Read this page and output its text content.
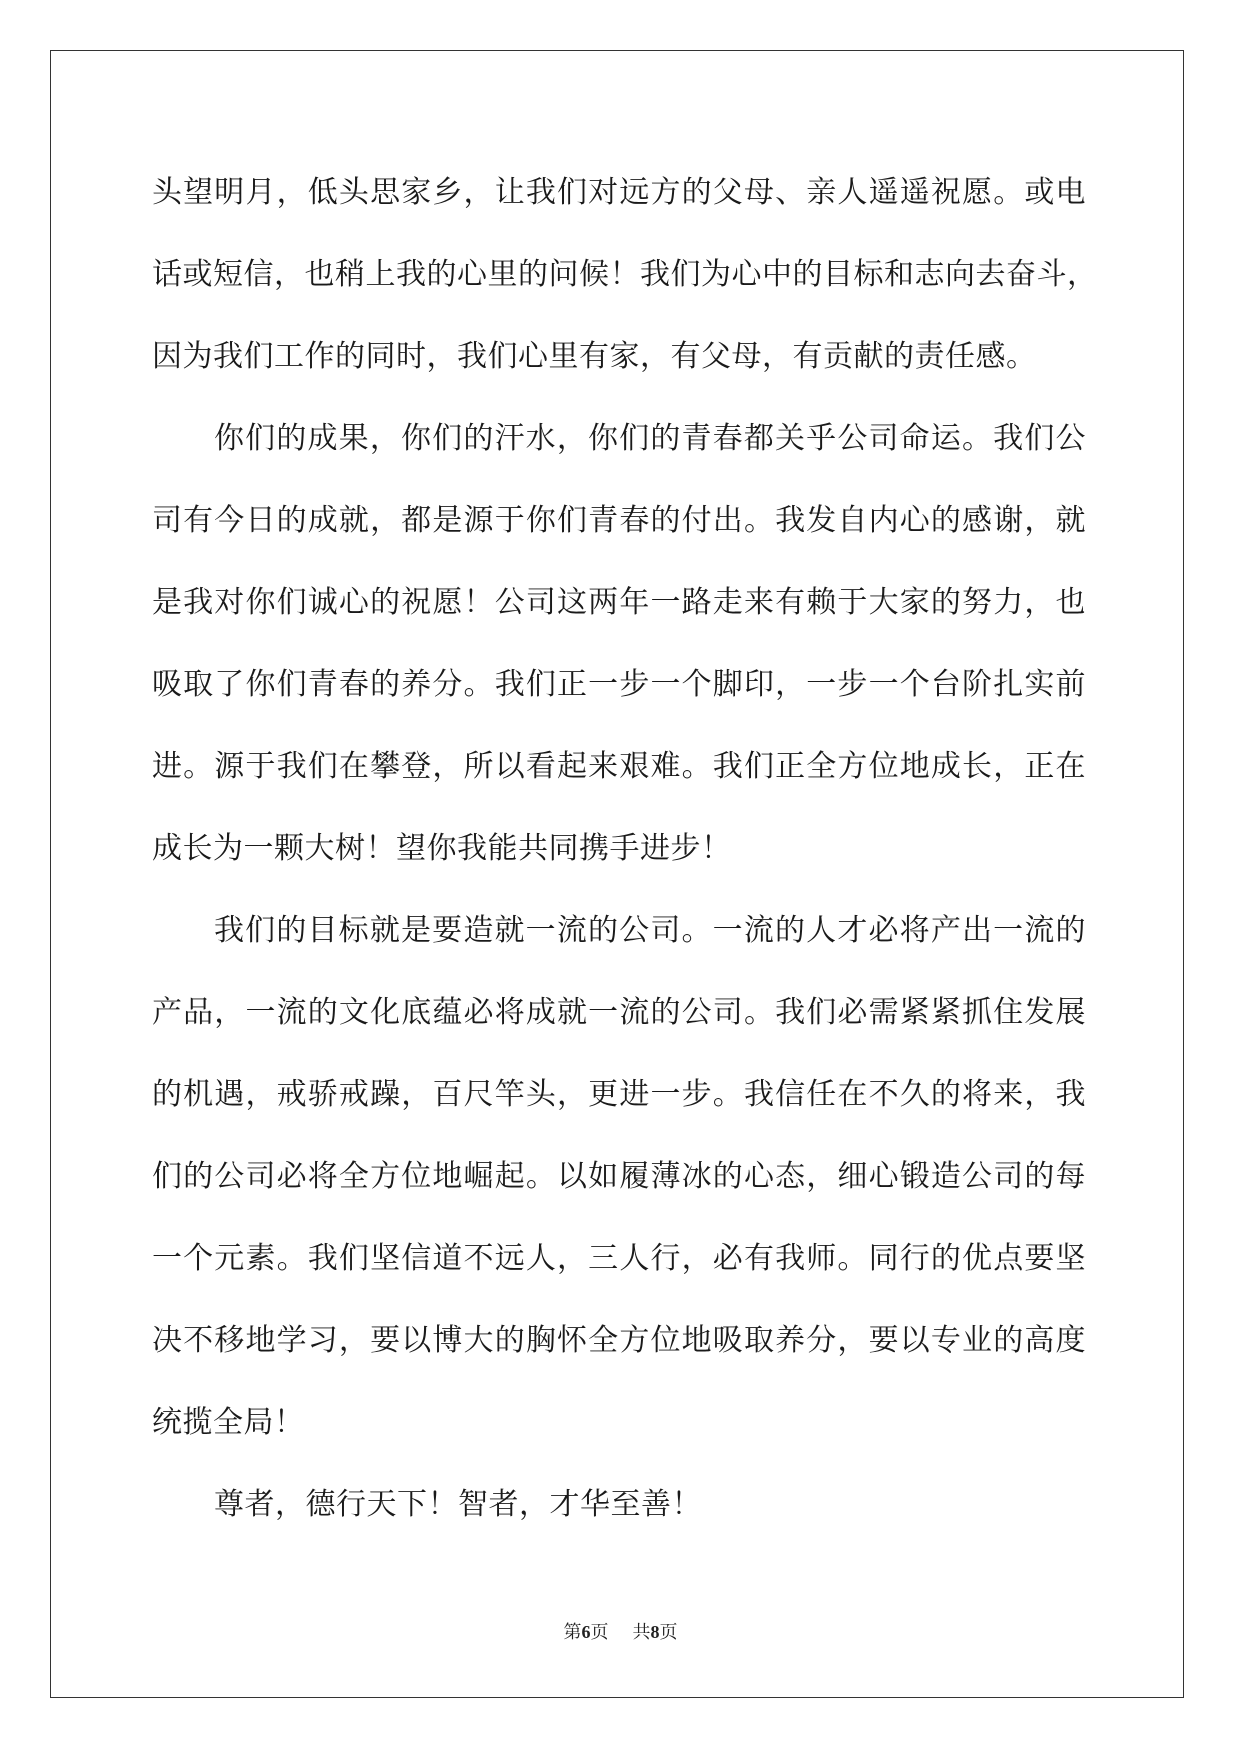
头望明月，低头思家乡，让我们对远方的父母、亲人遥遥祝愿。或电
话或短信，也稍上我的心里的问候！我们为心中的目标和志向去奋斗，
因为我们工作的同时，我们心里有家，有父母，有贡献的责任感。
你们的成果，你们的汗水，你们的青春都关乎公司命运。我们公
司有今日的成就，都是源于你们青春的付出。我发自内心的感谢，就
是我对你们诚心的祝愿！公司这两年一路走来有赖于大家的努力，也
吸取了你们青春的养分。我们正一步一个脚印，一步一个台阶扎实前
进。源于我们在攀登，所以看起来艰难。我们正全方位地成长，正在
成长为一颗大树！望你我能共同携手进步！
我们的目标就是要造就一流的公司。一流的人才必将产出一流的
产品，一流的文化底蕴必将成就一流的公司。我们必需紧紧抓住发展
的机遇，戒骄戒躁，百尺竿头，更进一步。我信任在不久的将来，我
们的公司必将全方位地崛起。以如履薄冰的心态，细心锻造公司的每
一个元素。我们坚信道不远人，三人行，必有我师。同行的优点要坚
决不移地学习，要以博大的胸怀全方位地吸取养分，要以专业的高度
统揽全局！
尊者，德行天下！智者，才华至善！
第6页 共8页
